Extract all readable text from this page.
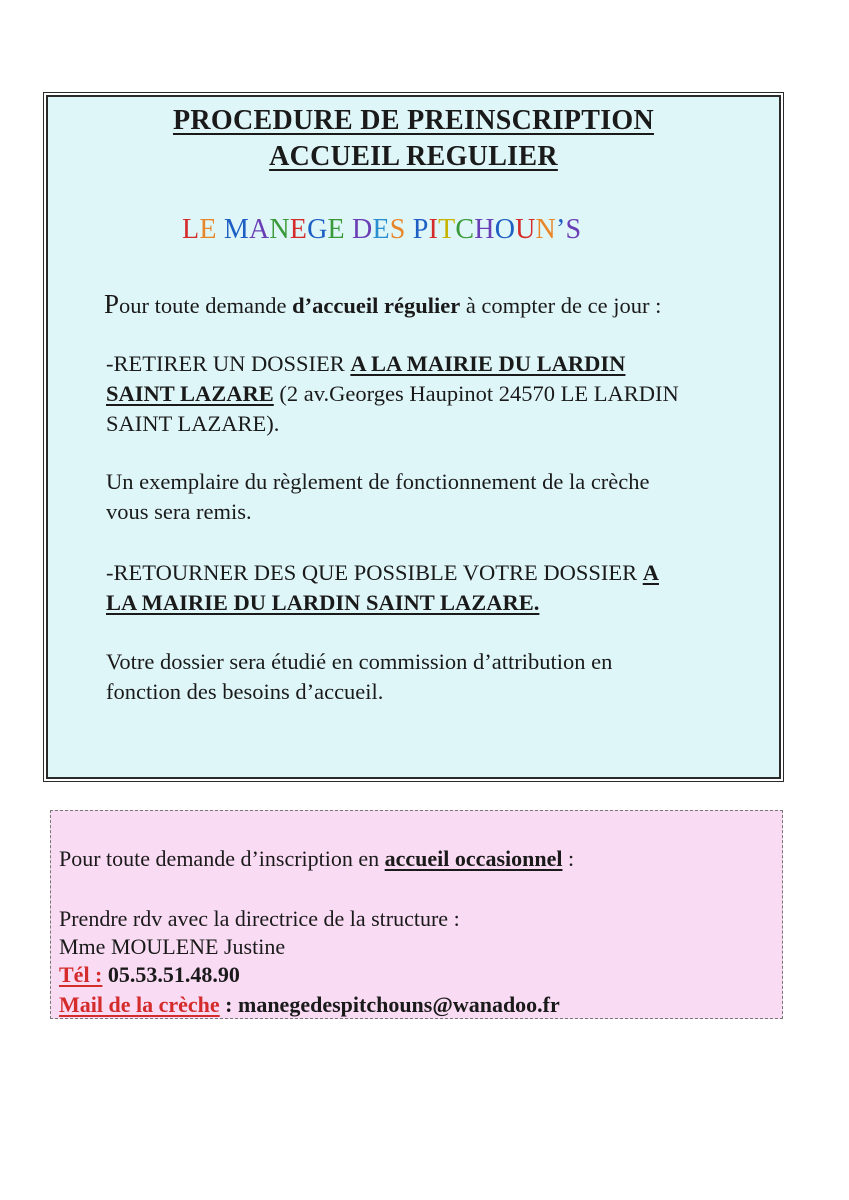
PROCEDURE DE PREINSCRIPTION
ACCUEIL REGULIER
LE MANEGE DES PITCHOUN’S
Pour toute demande d’accueil régulier à compter de ce jour :
-RETIRER UN DOSSIER A LA MAIRIE DU LARDIN
SAINT LAZARE (2 av.Georges Haupinot 24570 LE LARDIN
SAINT LAZARE).
Un exemplaire du règlement de fonctionnement de la crèche
vous sera remis.
-RETOURNER DES QUE POSSIBLE VOTRE DOSSIER A
LA MAIRIE DU LARDIN SAINT LAZARE.
Votre dossier sera étudié en commission d’attribution en
fonction des besoins d’accueil.
Pour toute demande d’inscription en accueil occasionnel :
Prendre rdv avec la directrice de la structure :
Mme MOULENE Justine
Tél : 05.53.51.48.90
Mail de la crèche : manegedespitchouns@wanadoo.fr
